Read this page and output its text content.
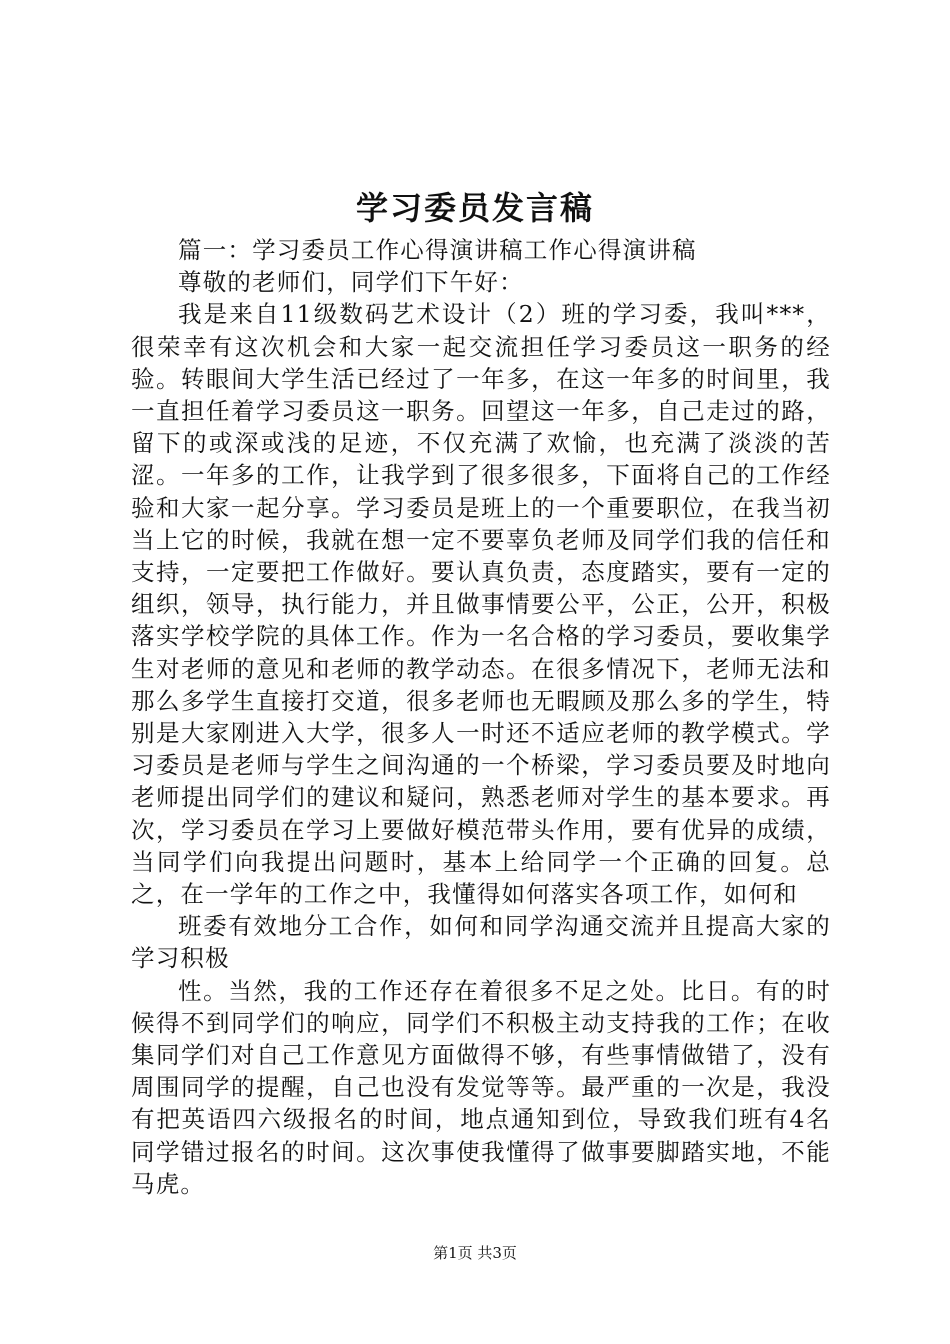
学习委员发言稿

篇一：学习委员工作心得演讲稿工作心得演讲稿

尊敬的老师们，同学们下午好：

我是来自11级数码艺术设计（2）班的学习委，我叫***，很荣幸有这次机会和大家一起交流担任学习委员这一职务的经验。转眼间大学生活已经过了一年多，在这一年多的时间里，我一直担任着学习委员这一职务。回望这一年多，自己走过的路，留下的或深或浅的足迹，不仅充满了欢愉，也充满了淡淡的苦涩。一年多的工作，让我学到了很多很多，下面将自己的工作经验和大家一起分享。学习委员是班上的一个重要职位，在我当初当上它的时候，我就在想一定不要辜负老师及同学们我的信任和支持，一定要把工作做好。要认真负责，态度踏实，要有一定的组织，领导，执行能力，并且做事情要公平，公正，公开，积极落实学校学院的具体工作。作为一名合格的学习委员，要收集学生对老师的意见和老师的教学动态。在很多情况下，老师无法和那么多学生直接打交道，很多老师也无暇顾及那么多的学生，特别是大家刚进入大学，很多人一时还不适应老师的教学模式。学习委员是老师与学生之间沟通的一个桥梁，学习委员要及时地向老师提出同学们的建议和疑问，熟悉老师对学生的基本要求。再次，学习委员在学习上要做好模范带头作用，要有优异的成绩，当同学们向我提出问题时，基本上给同学一个正确的回复。总之，在一学年的工作之中，我懂得如何落实各项工作，如何和

班委有效地分工合作，如何和同学沟通交流并且提高大家的学习积极

性。当然，我的工作还存在着很多不足之处。比日。有的时候得不到同学们的响应，同学们不积极主动支持我的工作；在收集同学们对自己工作意见方面做得不够，有些事情做错了，没有周围同学的提醒，自己也没有发觉等等。最严重的一次是，我没有把英语四六级报名的时间，地点通知到位，导致我们班有4名同学错过报名的时间。这次事使我懂得了做事要脚踏实地，不能马虎。

第1页 共3页
